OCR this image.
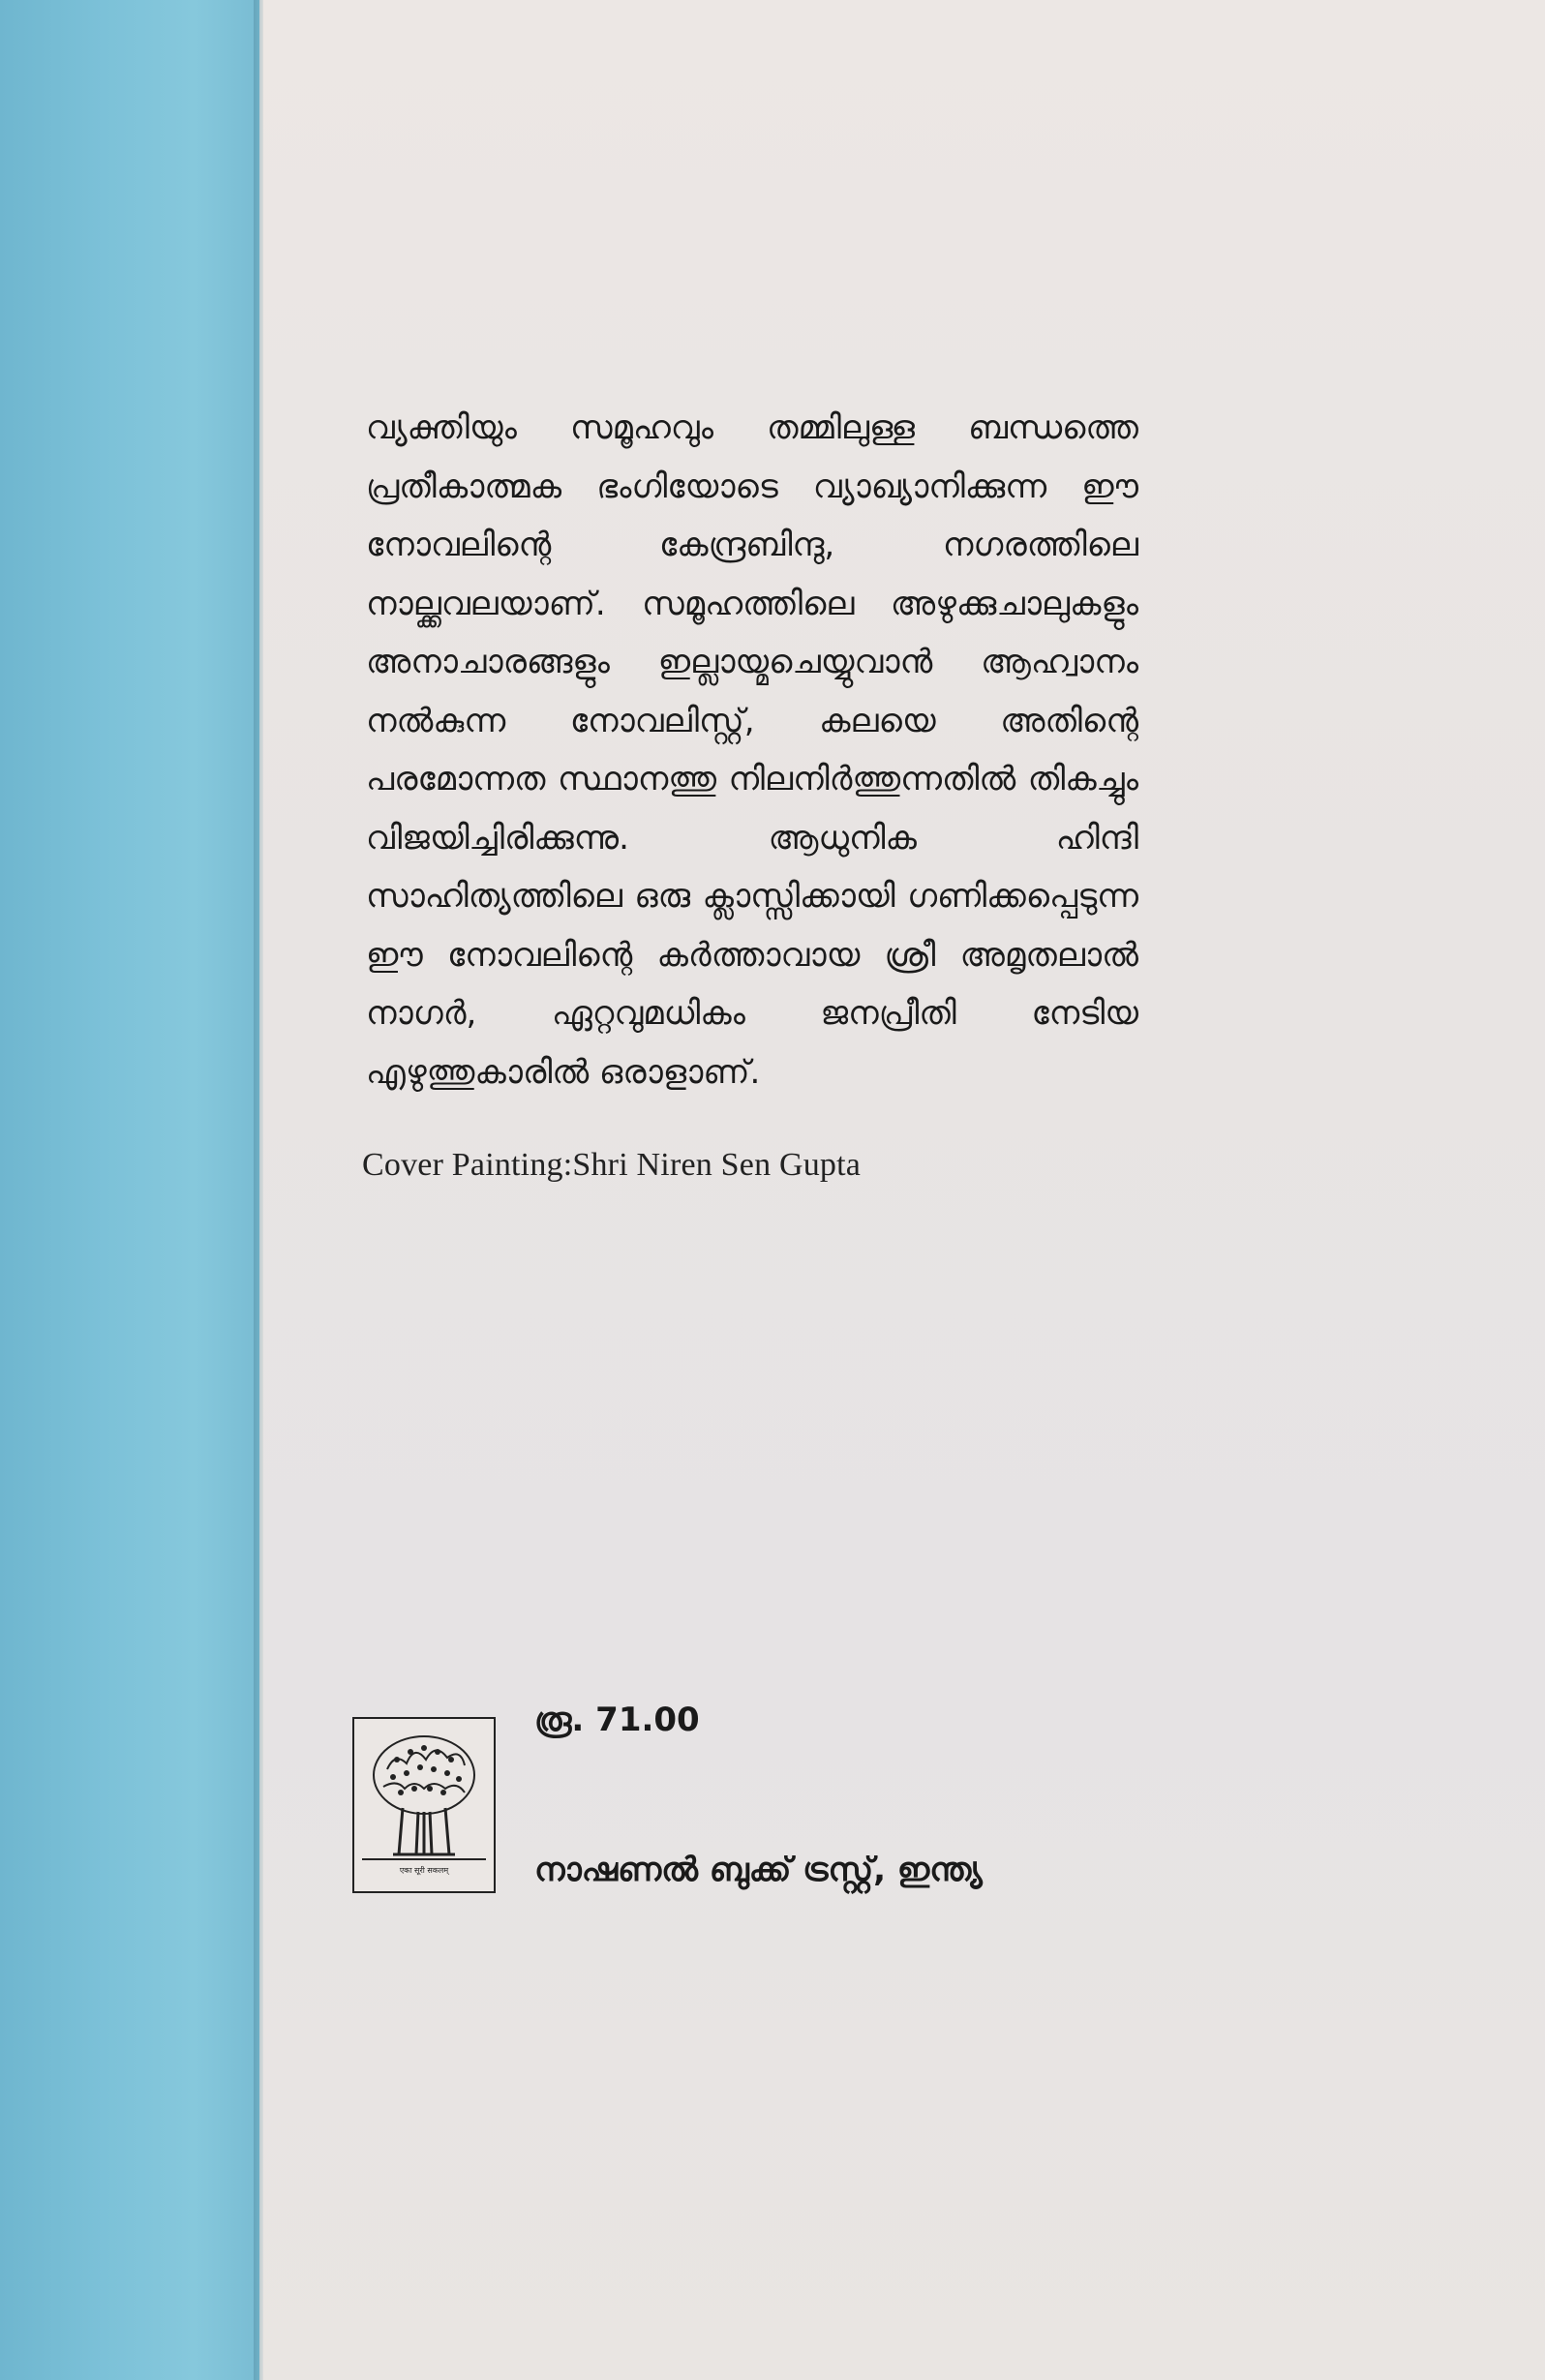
വ്യക്തിയും സമൂഹവും തമ്മിലുള്ള ബന്ധത്തെ പ്രതീകാത്മക ഭംഗിയോടെ വ്യാഖ്യാനിക്കുന്ന ഈ നോവലിന്റെ കേന്ദ്രബിന്ദു, നഗരത്തിലെ നാല്ക്കവലയാണ്. സമൂഹത്തിലെ അഴുക്കുചാലുകളും അനാചാരങ്ങളും ഇല്ലായ്മചെയ്യുവാൻ ആഹ്വാനം നൽകുന്ന നോവലിസ്റ്റ്, കലയെ അതിന്റെ പരമോന്നത സ്ഥാനത്തു നിലനിർത്തുന്നതിൽ തികച്ചും വിജയിച്ചിരിക്കുന്നു. ആധുനിക ഹിന്ദി സാഹിത്യത്തിലെ ഒരു ക്ലാസ്സിക്കായി ഗണിക്കപ്പെടുന്ന ഈ നോവലിന്റെ കർത്താവായ ശ്രീ അമൃതലാൽ നാഗർ, ഏറ്റവുമധികം ജനപ്രീതി നേടിയ എഴുത്തുകാരിൽ ഒരാളാണ്.

Cover Painting:Shri Niren Sen Gupta

एका सूरी सकलम्

രൂ. 71.00

നാഷണൽ ബുക്ക് ട്രസ്റ്റ്, ഇന്ത്യ
